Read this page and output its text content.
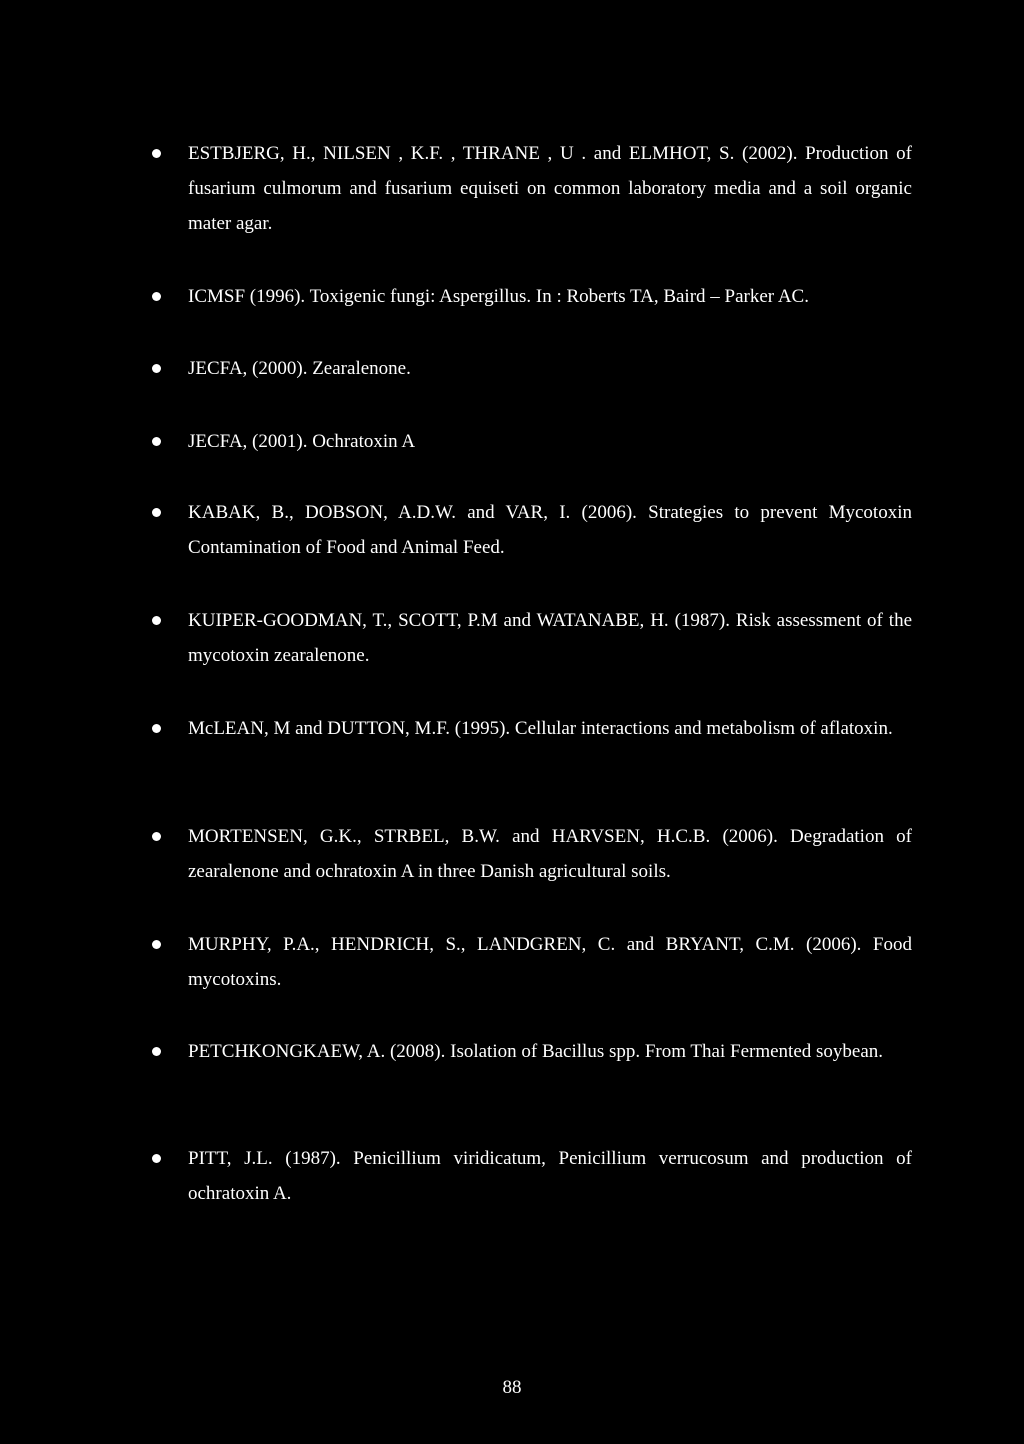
ESTBJERG, H., NILSEN , K.F. , THRANE , U . and ELMHOT, S. (2002). Production of fusarium culmorum and fusarium equiseti on common laboratory media and a soil organic mater agar.
ICMSF (1996). Toxigenic fungi: Aspergillus. In : Roberts TA, Baird – Parker AC.
JECFA, (2000). Zearalenone.
JECFA, (2001). Ochratoxin A
KABAK, B., DOBSON, A.D.W. and VAR, I. (2006). Strategies to prevent Mycotoxin Contamination of Food and Animal Feed.
KUIPER-GOODMAN, T., SCOTT, P.M and WATANABE, H. (1987). Risk assessment of the mycotoxin zearalenone.
McLEAN, M and DUTTON, M.F. (1995). Cellular interactions and metabolism of aflatoxin.
MORTENSEN, G.K., STRBEL, B.W. and HARVSEN, H.C.B. (2006). Degradation of zearalenone and ochratoxin A in three Danish agricultural soils.
MURPHY, P.A., HENDRICH, S., LANDGREN, C. and BRYANT, C.M. (2006). Food mycotoxins.
PETCHKONGKAEW, A. (2008). Isolation of Bacillus spp. From Thai Fermented soybean.
PITT, J.L. (1987). Penicillium viridicatum, Penicillium verrucosum and production of ochratoxin A.
88
